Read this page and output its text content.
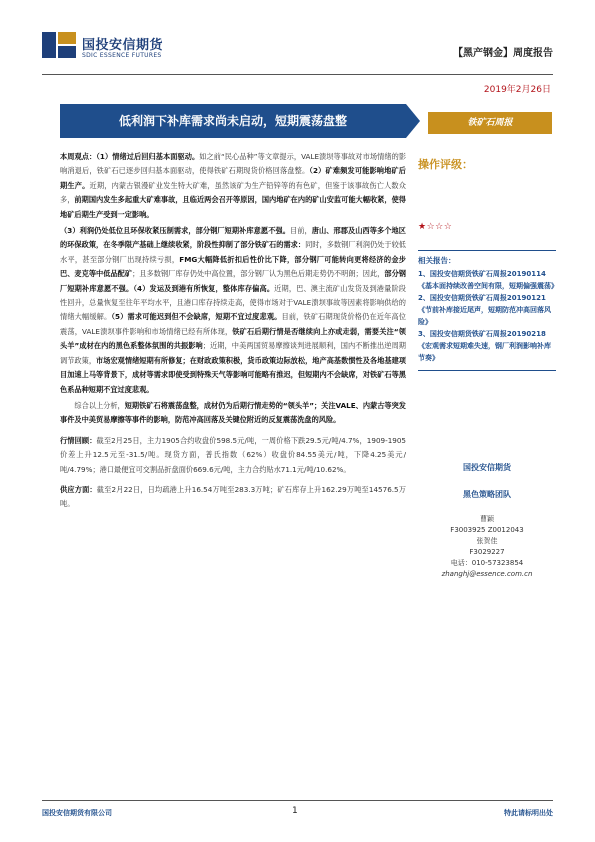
国投安信期货
SDIC ESSENCE FUTURES	【黑产钢金】周度报告
2019年2月26日
低利润下补库需求尚未启动，短期震荡盘整	铁矿石周报

本周观点：（1）情绪过后回归基本面驱动。如之前“民心品种”等文章提示，VALE溃坝等事故对市场情绪的影响消退后，铁矿石已逐步回归基本面驱动，使得铁矿石期现货价格回落盘整。（2）矿难频发可能影响地矿后期生产。近期，内蒙古银漫矿业发生特大矿难，虽然该矿为生产铅锌等的有色矿，但鉴于该事故伤亡人数众多，前期国内发生多起重大矿难事故，且临近两会召开等原因，国内地矿在内的矿山安监可能大幅收紧，使得地矿后期生产受到一定影响。

（3）利润仍处低位且环保收紧压制需求，部分钢厂短期补库意愿不强。目前，唐山、邢郡及山西等多个地区的环保政策，在冬季限产基础上继续收紧，阶段性抑制了部分铁矿石的需求：同时，多数钢厂利润仍处于较低水平，甚至部分钢厂出现持续亏损，FMG大幅降低折扣后性价比下降，部分钢厂可能转向更将经济的金步巴、麦克等中低品配矿；且多数钢厂库存仍处中高位置，部分钢厂认为黑色后期走势仍不明朗；因此，部分钢厂短期补库意愿不强。（4）发运及到港有所恢复，整体库存偏高。近期，巴、澳主流矿山发货及到港量阶段性回升，总量恢复至往年平均水平，且港口库存持续走高，使得市场对于VALE溃坝事故等因素将影响供给的情绪大幅缓解。（5）需求可能迟到但不会缺席，短期不宜过度悲观。目前，铁矿石期现货价格仍在近年高位震荡，VALE溃坝事件影响和市场情绪已经有所体现，铁矿石后期行情是否继续向上亦或走弱，需要关注“领头羊”成材在内的黑色系整体氛围的共振影响；近期，中美两国贸易摩擦谈判进展顺利，国内不断推出逆周期调节政策，市场宏观情绪短期有所修复；在财政政策积极，货币政策边际放松，地产高基数惯性及各地基建项目加速上马等背景下，成材等需求即使受到特殊天气等影响可能略有推迟，但短期内不会缺席，对铁矿石等黑色系品种短期不宜过度悲观。

综合以上分析，短期铁矿石将震荡盘整，成材仍为后期行情走势的“领头羊”；关注VALE、内蒙古等突发事件及中美贸易摩擦等事件的影响，防范冲高回落及关键位附近的反复震荡洗盘的风险。

行情回顾：截至2月25日，主力1905合约收盘价598.5元/吨，一周价格下跌29.5元/吨/4.7%，1909-1905价差上升12.5元至-31.5/吨。现货方面，普氏指数（62%）收盘价84.55美元/吨，下降4.25美元/吨/4.79%；港口最便宜可交割品折盘面价669.6元/吨，主力合约贴水71.1元/吨/10.62%。

供应方面：截至2月22日，日均疏港上升16.54万吨至283.3万吨；矿石库存上升162.29万吨至14576.5万吨。

操作评级：
★☆☆☆
相关报告：
1、国投安信期货铁矿石周报20190114《基本面持续改善空间有限，短期偏强震荡》
2、国投安信期货铁矿石周报20190121《节前补库接近尾声，短期防范冲高回落风险》
3、国投安信期货铁矿石周报20190218《宏观需求短期难失速，钢厂利润影响补库节奏》
国投安信期货
黑色策略团队
曹颖
F3003925 Z0012043
张贺佳
F3029227
电话：010-57323854
zhanghj@essence.com.cn
国投安信期货有限公司	1	特此请标明出处
